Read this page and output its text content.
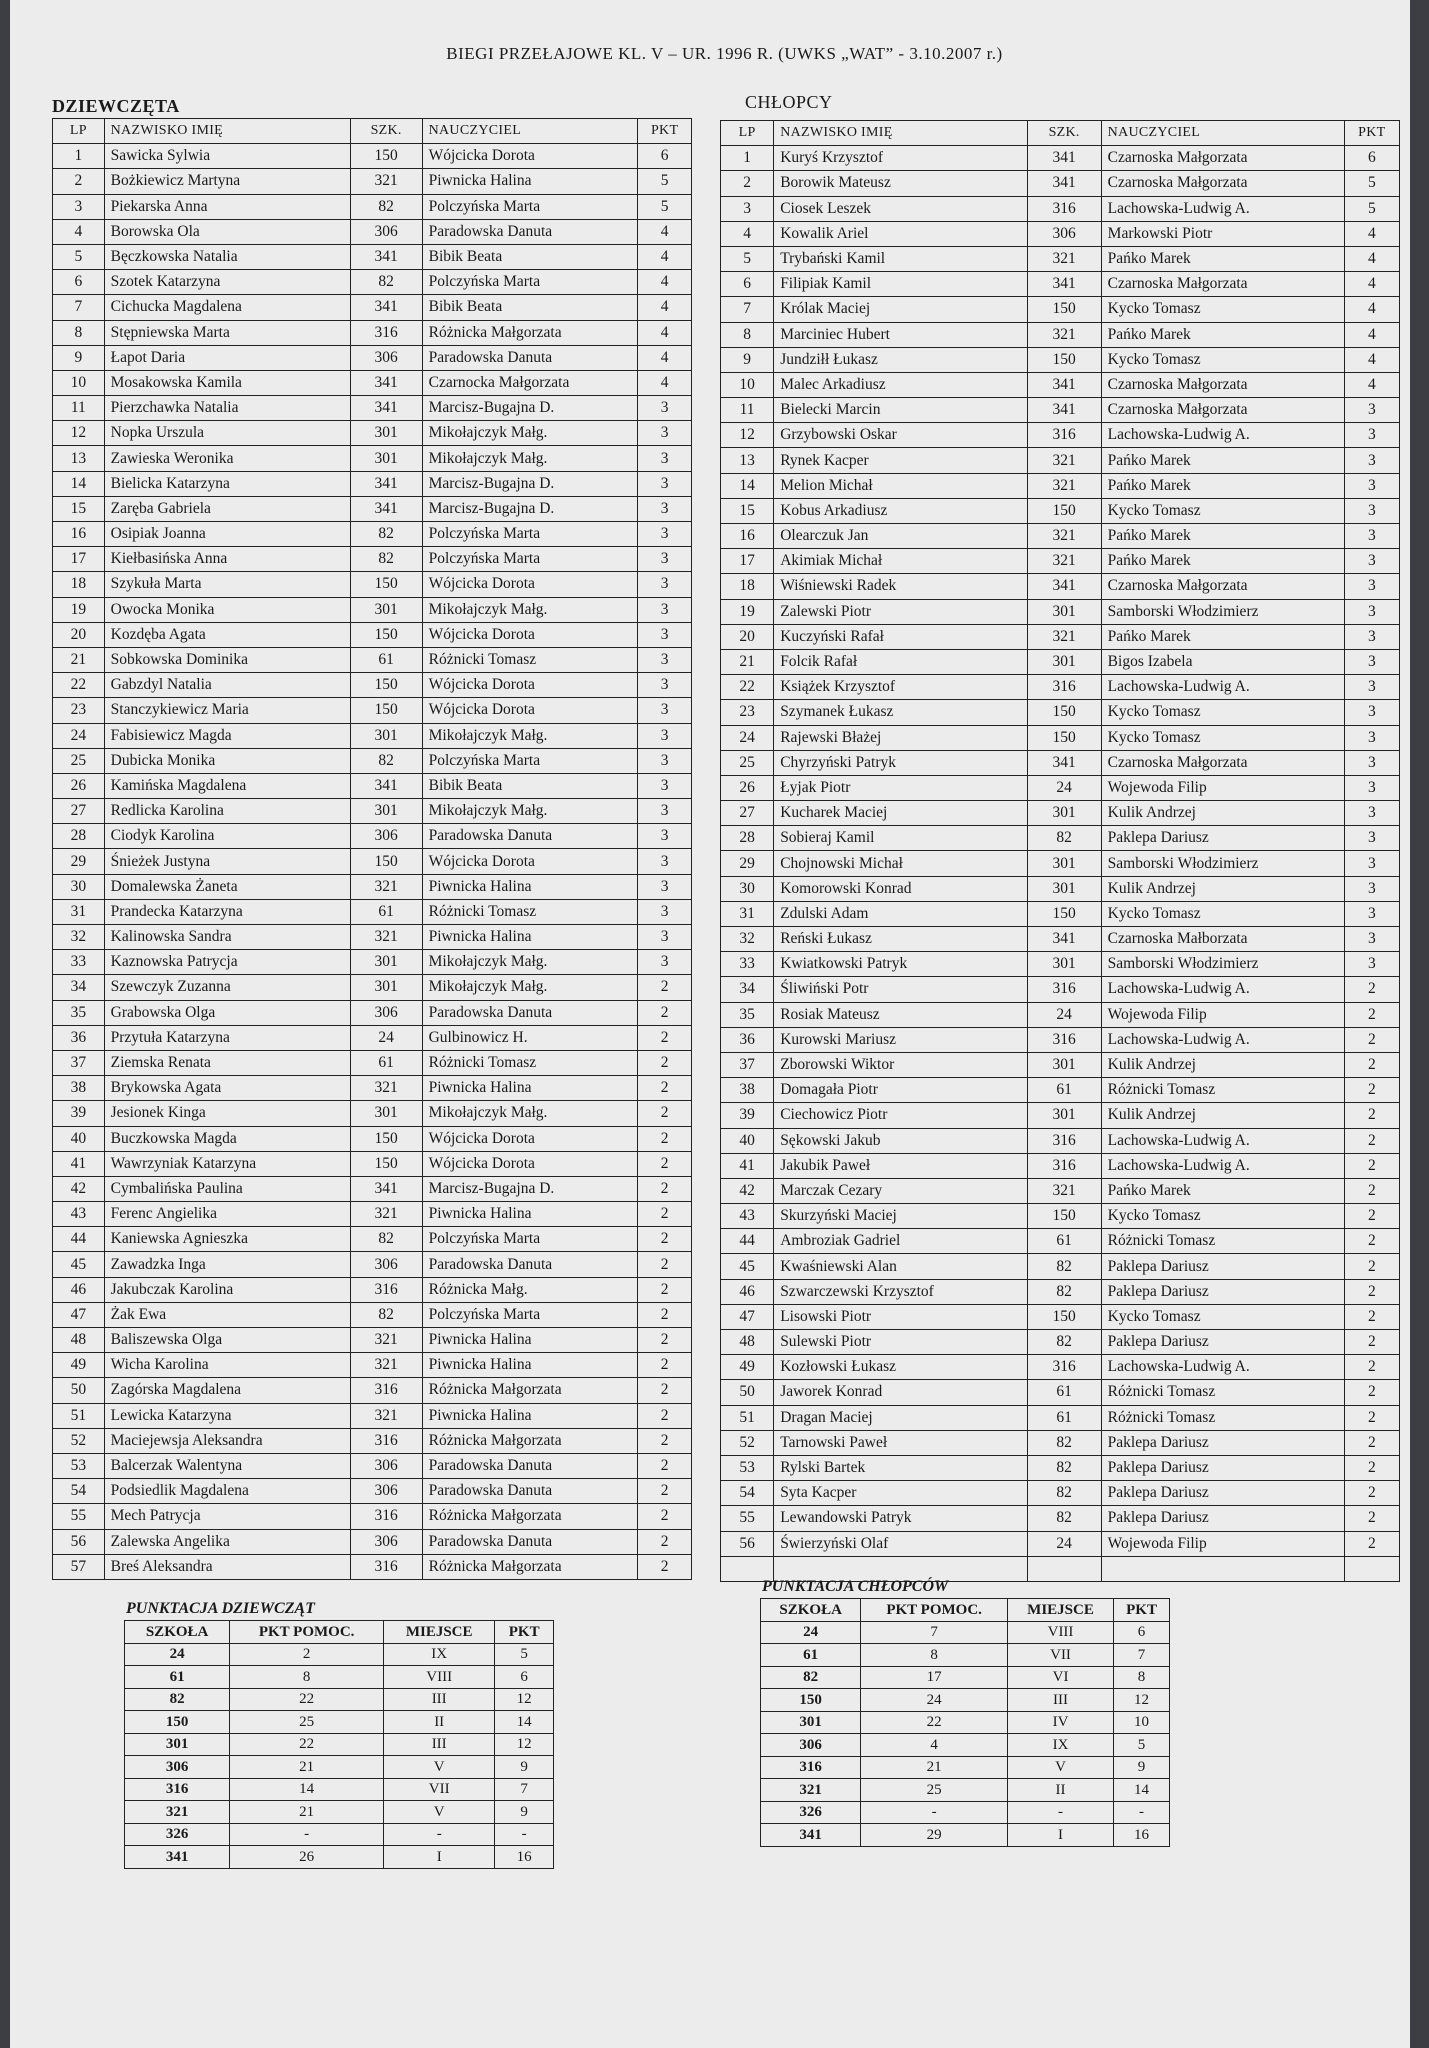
BIEGI PRZEŁAJOWE KL. V – UR. 1996 R. (UWKS „WAT” - 3.10.2007 r.)
DZIEWCZĘTA	CHŁOPCY
LP	NAZWISKO IMIĘ	SZK.	NAUCZYCIEL	PKT
1	Sawicka Sylwia	150	Wójcicka Dorota	6
2	Bożkiewicz Martyna	321	Piwnicka Halina	5
3	Piekarska Anna	82	Polczyńska Marta	5
4	Borowska Ola	306	Paradowska Danuta	4
5	Bęczkowska Natalia	341	Bibik Beata	4
6	Szotek Katarzyna	82	Polczyńska Marta	4
7	Cichucka Magdalena	341	Bibik Beata	4
8	Stępniewska Marta	316	Różnicka Małgorzata	4
9	Łapot Daria	306	Paradowska Danuta	4
10	Mosakowska Kamila	341	Czarnocka Małgorzata	4
11	Pierzchawka Natalia	341	Marcisz-Bugajna D.	3
12	Nopka Urszula	301	Mikołajczyk Małg.	3
13	Zawieska Weronika	301	Mikołajczyk Małg.	3
14	Bielicka Katarzyna	341	Marcisz-Bugajna D.	3
15	Zaręba Gabriela	341	Marcisz-Bugajna D.	3
16	Osipiak Joanna	82	Polczyńska Marta	3
17	Kiełbasińska Anna	82	Polczyńska Marta	3
18	Szykuła Marta	150	Wójcicka Dorota	3
19	Owocka Monika	301	Mikołajczyk Małg.	3
20	Kozdęba Agata	150	Wójcicka Dorota	3
21	Sobkowska Dominika	61	Różnicki Tomasz	3
22	Gabzdyl Natalia	150	Wójcicka Dorota	3
23	Stanczykiewicz Maria	150	Wójcicka Dorota	3
24	Fabisiewicz Magda	301	Mikołajczyk Małg.	3
25	Dubicka Monika	82	Polczyńska Marta	3
26	Kamińska Magdalena	341	Bibik Beata	3
27	Redlicka Karolina	301	Mikołajczyk Małg.	3
28	Ciodyk Karolina	306	Paradowska Danuta	3
29	Śnieżek Justyna	150	Wójcicka Dorota	3
30	Domalewska Żaneta	321	Piwnicka Halina	3
31	Prandecka Katarzyna	61	Różnicki Tomasz	3
32	Kalinowska Sandra	321	Piwnicka Halina	3
33	Kaznowska Patrycja	301	Mikołajczyk Małg.	3
34	Szewczyk Zuzanna	301	Mikołajczyk Małg.	2
35	Grabowska Olga	306	Paradowska Danuta	2
36	Przytuła Katarzyna	24	Gulbinowicz H.	2
37	Ziemska Renata	61	Różnicki Tomasz	2
38	Brykowska Agata	321	Piwnicka Halina	2
39	Jesionek Kinga	301	Mikołajczyk Małg.	2
40	Buczkowska Magda	150	Wójcicka Dorota	2
41	Wawrzyniak Katarzyna	150	Wójcicka Dorota	2
42	Cymbalińska Paulina	341	Marcisz-Bugajna D.	2
43	Ferenc Angielika	321	Piwnicka Halina	2
44	Kaniewska Agnieszka	82	Polczyńska Marta	2
45	Zawadzka Inga	306	Paradowska Danuta	2
46	Jakubczak Karolina	316	Różnicka Małg.	2
47	Żak Ewa	82	Polczyńska Marta	2
48	Baliszewska Olga	321	Piwnicka Halina	2
49	Wicha Karolina	321	Piwnicka Halina	2
50	Zagórska Magdalena	316	Różnicka Małgorzata	2
51	Lewicka Katarzyna	321	Piwnicka Halina	2
52	Maciejewsja Aleksandra	316	Różnicka Małgorzata	2
53	Balcerzak Walentyna	306	Paradowska Danuta	2
54	Podsiedlik Magdalena	306	Paradowska Danuta	2
55	Mech Patrycja	316	Różnicka Małgorzata	2
56	Zalewska Angelika	306	Paradowska Danuta	2
57	Breś Aleksandra	316	Różnicka Małgorzata	2
LP	NAZWISKO IMIĘ	SZK.	NAUCZYCIEL	PKT
1	Kuryś Krzysztof	341	Czarnoska Małgorzata	6
2	Borowik Mateusz	341	Czarnoska Małgorzata	5
3	Ciosek Leszek	316	Lachowska-Ludwig A.	5
4	Kowalik Ariel	306	Markowski Piotr	4
5	Trybański Kamil	321	Pańko Marek	4
6	Filipiak Kamil	341	Czarnoska Małgorzata	4
7	Królak Maciej	150	Kycko Tomasz	4
8	Marciniec Hubert	321	Pańko Marek	4
9	Jundziłł Łukasz	150	Kycko Tomasz	4
10	Malec Arkadiusz	341	Czarnoska Małgorzata	4
11	Bielecki Marcin	341	Czarnoska Małgorzata	3
12	Grzybowski Oskar	316	Lachowska-Ludwig A.	3
13	Rynek Kacper	321	Pańko Marek	3
14	Melion Michał	321	Pańko Marek	3
15	Kobus Arkadiusz	150	Kycko Tomasz	3
16	Olearczuk Jan	321	Pańko Marek	3
17	Akimiak Michał	321	Pańko Marek	3
18	Wiśniewski Radek	341	Czarnoska Małgorzata	3
19	Zalewski Piotr	301	Samborski Włodzimierz	3
20	Kuczyński Rafał	321	Pańko Marek	3
21	Folcik Rafał	301	Bigos Izabela	3
22	Książek Krzysztof	316	Lachowska-Ludwig A.	3
23	Szymanek Łukasz	150	Kycko Tomasz	3
24	Rajewski Błażej	150	Kycko Tomasz	3
25	Chyrzyński Patryk	341	Czarnoska Małgorzata	3
26	Łyjak Piotr	24	Wojewoda Filip	3
27	Kucharek Maciej	301	Kulik Andrzej	3
28	Sobieraj Kamil	82	Paklepa Dariusz	3
29	Chojnowski Michał	301	Samborski Włodzimierz	3
30	Komorowski Konrad	301	Kulik Andrzej	3
31	Zdulski Adam	150	Kycko Tomasz	3
32	Reński Łukasz	341	Czarnoska Małborzata	3
33	Kwiatkowski Patryk	301	Samborski Włodzimierz	3
34	Śliwiński Potr	316	Lachowska-Ludwig A.	2
35	Rosiak Mateusz	24	Wojewoda Filip	2
36	Kurowski Mariusz	316	Lachowska-Ludwig A.	2
37	Zborowski Wiktor	301	Kulik Andrzej	2
38	Domagała Piotr	61	Różnicki Tomasz	2
39	Ciechowicz Piotr	301	Kulik Andrzej	2
40	Sękowski Jakub	316	Lachowska-Ludwig A.	2
41	Jakubik Paweł	316	Lachowska-Ludwig A.	2
42	Marczak Cezary	321	Pańko Marek	2
43	Skurzyński Maciej	150	Kycko Tomasz	2
44	Ambroziak Gadriel	61	Różnicki Tomasz	2
45	Kwaśniewski Alan	82	Paklepa Dariusz	2
46	Szwarczewski Krzysztof	82	Paklepa Dariusz	2
47	Lisowski Piotr	150	Kycko Tomasz	2
48	Sulewski Piotr	82	Paklepa Dariusz	2
49	Kozłowski Łukasz	316	Lachowska-Ludwig A.	2
50	Jaworek Konrad	61	Różnicki Tomasz	2
51	Dragan Maciej	61	Różnicki Tomasz	2
52	Tarnowski Paweł	82	Paklepa Dariusz	2
53	Rylski Bartek	82	Paklepa Dariusz	2
54	Syta Kacper	82	Paklepa Dariusz	2
55	Lewandowski Patryk	82	Paklepa Dariusz	2
56	Świerzyński Olaf	24	Wojewoda Filip	2

PUNKTACJA DZIEWCZĄT
SZKOŁA	PKT POMOC.	MIEJSCE	PKT
24	2	IX	5
61	8	VIII	6
82	22	III	12
150	25	II	14
301	22	III	12
306	21	V	9
316	14	VII	7
321	21	V	9
326	-	-	-
341	26	I	16
PUNKTACJA CHŁOPCÓW
SZKOŁA	PKT POMOC.	MIEJSCE	PKT
24	7	VIII	6
61	8	VII	7
82	17	VI	8
150	24	III	12
301	22	IV	10
306	4	IX	5
316	21	V	9
321	25	II	14
326	-	-	-
341	29	I	16
